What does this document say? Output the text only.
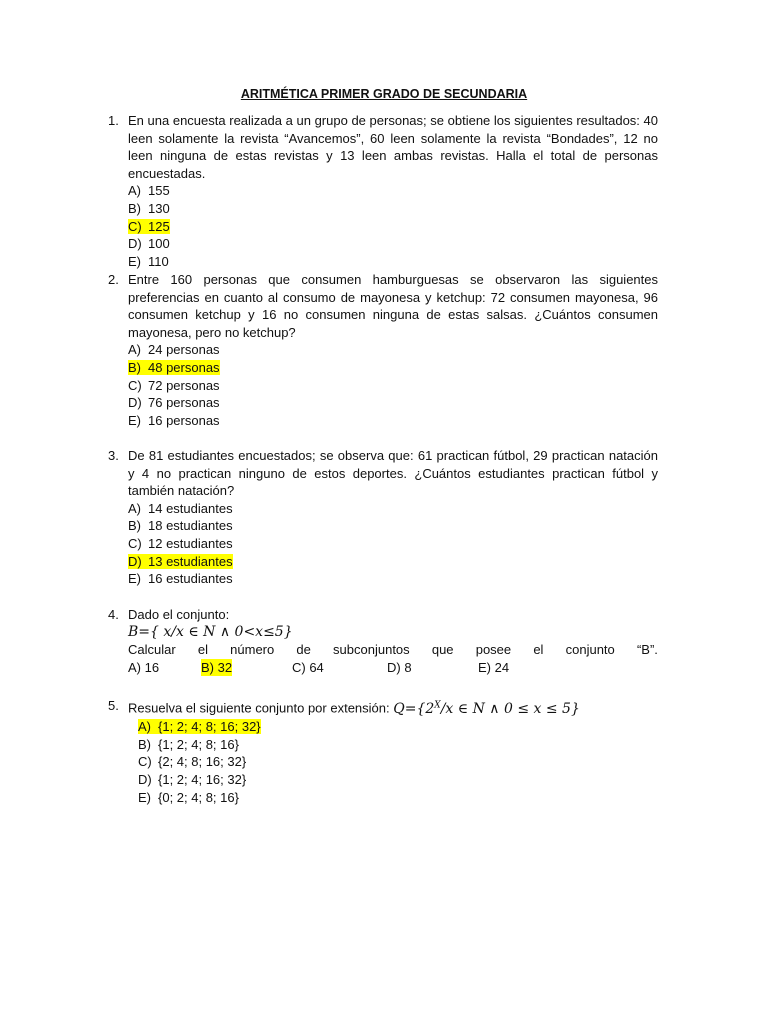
ARITMÉTICA PRIMER GRADO DE SECUNDARIA
1. En una encuesta realizada a un grupo de personas; se obtiene los siguientes resultados: 40 leen solamente la revista “Avancemos”, 60 leen solamente la revista “Bondades”, 12 no leen ninguna de estas revistas y 13 leen ambas revistas. Halla el total de personas encuestadas.
A) 155
B) 130
C) 125
D) 100
E) 110
2. Entre 160 personas que consumen hamburguesas se observaron las siguientes preferencias en cuanto al consumo de mayonesa y ketchup: 72 consumen mayonesa, 96 consumen ketchup y 16 no consumen ninguna de estas salsas. ¿Cuántos consumen mayonesa, pero no ketchup?
A) 24 personas
B) 48 personas
C) 72 personas
D) 76 personas
E) 16 personas
3. De 81 estudiantes encuestados; se observa que: 61 practican fútbol, 29 practican natación y 4 no practican ninguno de estos deportes. ¿Cuántos estudiantes practican fútbol y también natación?
A) 14 estudiantes
B) 18 estudiantes
C) 12 estudiantes
D) 13 estudiantes
E) 16 estudiantes
4. Dado el conjunto:
B={ x/x ∈ N ∧ 0<x≤5}
Calcular el número de subconjuntos que posee el conjunto “B”.
A) 16	B) 32	C) 64	D) 8	E) 24
5. Resuelva el siguiente conjunto por extensión: $Q=\{2^X/x$ ∈ N ∧ 0 ≤ x ≤ 5}
A) {1; 2; 4; 8; 16; 32}
B) {1; 2; 4; 8; 16}
C) {2; 4; 8; 16; 32}
D) {1; 2; 4; 16; 32}
E) {0; 2; 4; 8; 16}
